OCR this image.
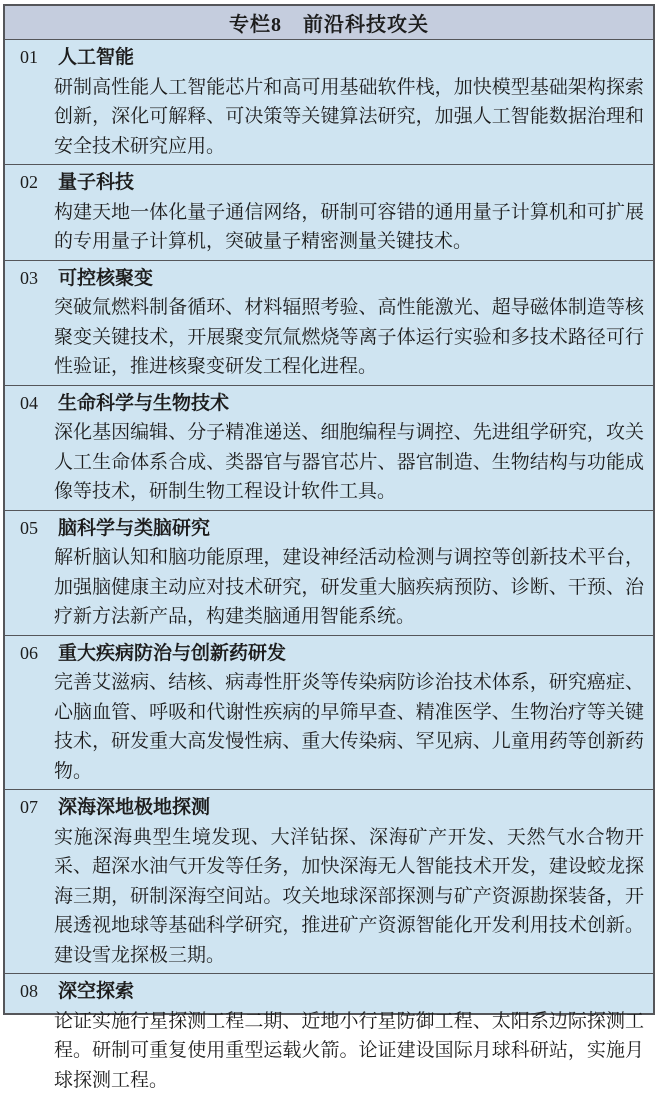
专栏8　前沿科技攻关
01	人工智能
研制高性能人工智能芯片和高可用基础软件栈，加快模型基础架构探索创新，深化可解释、可决策等关键算法研究，加强人工智能数据治理和安全技术研究应用。
02	量子科技
构建天地一体化量子通信网络，研制可容错的通用量子计算机和可扩展的专用量子计算机，突破量子精密测量关键技术。
03	可控核聚变
突破氚燃料制备循环、材料辐照考验、高性能激光、超导磁体制造等核聚变关键技术，开展聚变氘氚燃烧等离子体运行实验和多技术路径可行性验证，推进核聚变研发工程化进程。
04	生命科学与生物技术
深化基因编辑、分子精准递送、细胞编程与调控、先进组学研究，攻关人工生命体系合成、类器官与器官芯片、器官制造、生物结构与功能成像等技术，研制生物工程设计软件工具。
05	脑科学与类脑研究
解析脑认知和脑功能原理，建设神经活动检测与调控等创新技术平台，加强脑健康主动应对技术研究，研发重大脑疾病预防、诊断、干预、治疗新方法新产品，构建类脑通用智能系统。
06	重大疾病防治与创新药研发
完善艾滋病、结核、病毒性肝炎等传染病防诊治技术体系，研究癌症、心脑血管、呼吸和代谢性疾病的早筛早查、精准医学、生物治疗等关键技术，研发重大高发慢性病、重大传染病、罕见病、儿童用药等创新药物。
07	深海深地极地探测
实施深海典型生境发现、大洋钻探、深海矿产开发、天然气水合物开采、超深水油气开发等任务，加快深海无人智能技术开发，建设蛟龙探海三期，研制深海空间站。攻关地球深部探测与矿产资源勘探装备，开展透视地球等基础科学研究，推进矿产资源智能化开发利用技术创新。建设雪龙探极三期。
08	深空探索
论证实施行星探测工程二期、近地小行星防御工程、太阳系边际探测工程。研制可重复使用重型运载火箭。论证建设国际月球科研站，实施月球探测工程。
